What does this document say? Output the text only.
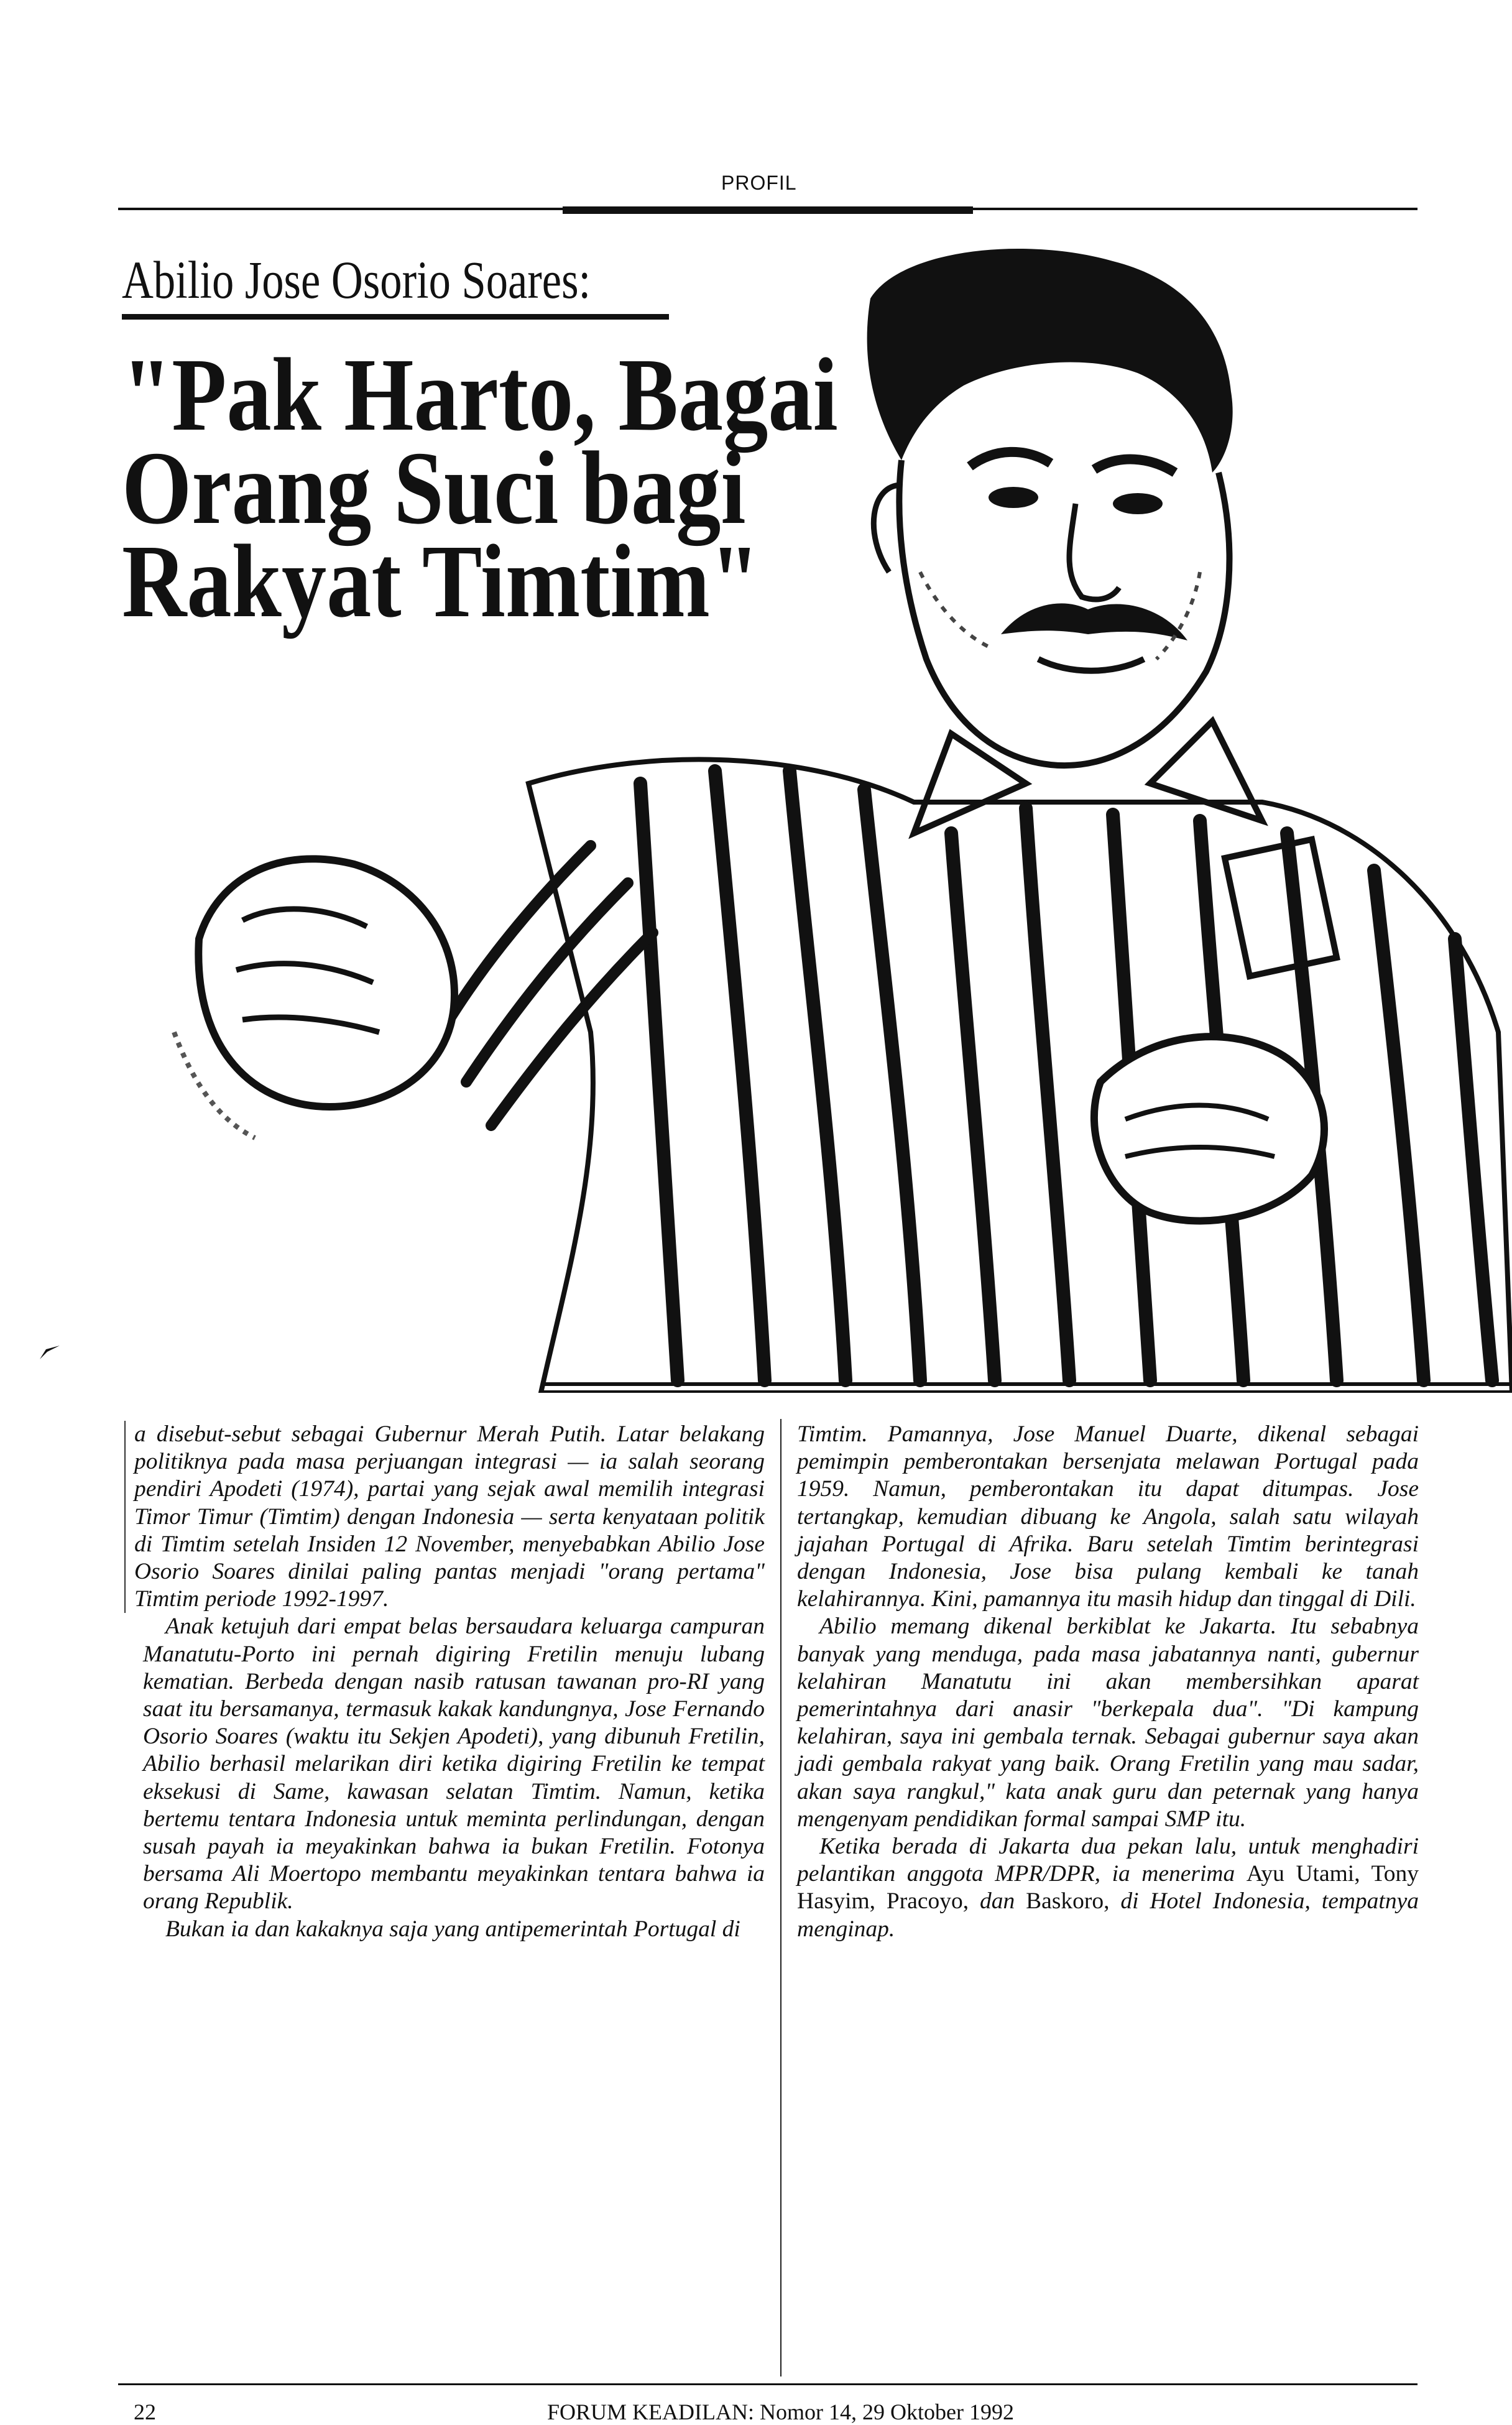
PROFIL
Abilio Jose Osorio Soares:
"Pak Harto, Bagai
Orang Suci bagi
Rakyat Timtim"

a disebut-sebut sebagai Gubernur Merah Putih. Latar belakang politiknya pada masa perjuangan integrasi — ia salah seorang pendiri Apodeti (1974), partai yang sejak awal memilih integrasi Timor Timur (Timtim) dengan Indonesia — serta kenyataan politik di Timtim setelah Insiden 12 November, menyebabkan Abilio Jose Osorio Soares dinilai paling pantas menjadi "orang pertama" Timtim periode 1992-1997.

Anak ketujuh dari empat belas bersaudara keluarga campuran Manatutu-Porto ini pernah digiring Fretilin menuju lubang kematian. Berbeda dengan nasib ratusan tawanan pro-RI yang saat itu bersamanya, termasuk kakak kandungnya, Jose Fernando Osorio Soares (waktu itu Sekjen Apodeti), yang dibunuh Fretilin, Abilio berhasil melarikan diri ketika digiring Fretilin ke tempat eksekusi di Same, kawasan selatan Timtim. Namun, ketika bertemu tentara Indonesia untuk meminta perlindungan, dengan susah payah ia meyakinkan bahwa ia bukan Fretilin. Fotonya bersama Ali Moertopo membantu meyakinkan tentara bahwa ia orang Republik.

Bukan ia dan kakaknya saja yang antipemerintah Portugal di

Timtim. Pamannya, Jose Manuel Duarte, dikenal sebagai pemimpin pemberontakan bersenjata melawan Portugal pada 1959. Namun, pemberontakan itu dapat ditumpas. Jose tertangkap, kemudian dibuang ke Angola, salah satu wilayah jajahan Portugal di Afrika. Baru setelah Timtim berintegrasi dengan Indonesia, Jose bisa pulang kembali ke tanah kelahirannya. Kini, pamannya itu masih hidup dan tinggal di Dili.

Abilio memang dikenal berkiblat ke Jakarta. Itu sebabnya banyak yang menduga, pada masa jabatannya nanti, gubernur kelahiran Manatutu ini akan membersihkan aparat pemerintahnya dari anasir "berkepala dua". "Di kampung kelahiran, saya ini gembala ternak. Sebagai gubernur saya akan jadi gembala rakyat yang baik. Orang Fretilin yang mau sadar, akan saya rangkul," kata anak guru dan peternak yang hanya mengenyam pendidikan formal sampai SMP itu.

Ketika berada di Jakarta dua pekan lalu, untuk menghadiri pelantikan anggota MPR/DPR, ia menerima Ayu Utami, Tony Hasyim, Pracoyo, dan Baskoro, di Hotel Indonesia, tempatnya menginap.

22	FORUM KEADILAN: Nomor 14, 29 Oktober 1992
